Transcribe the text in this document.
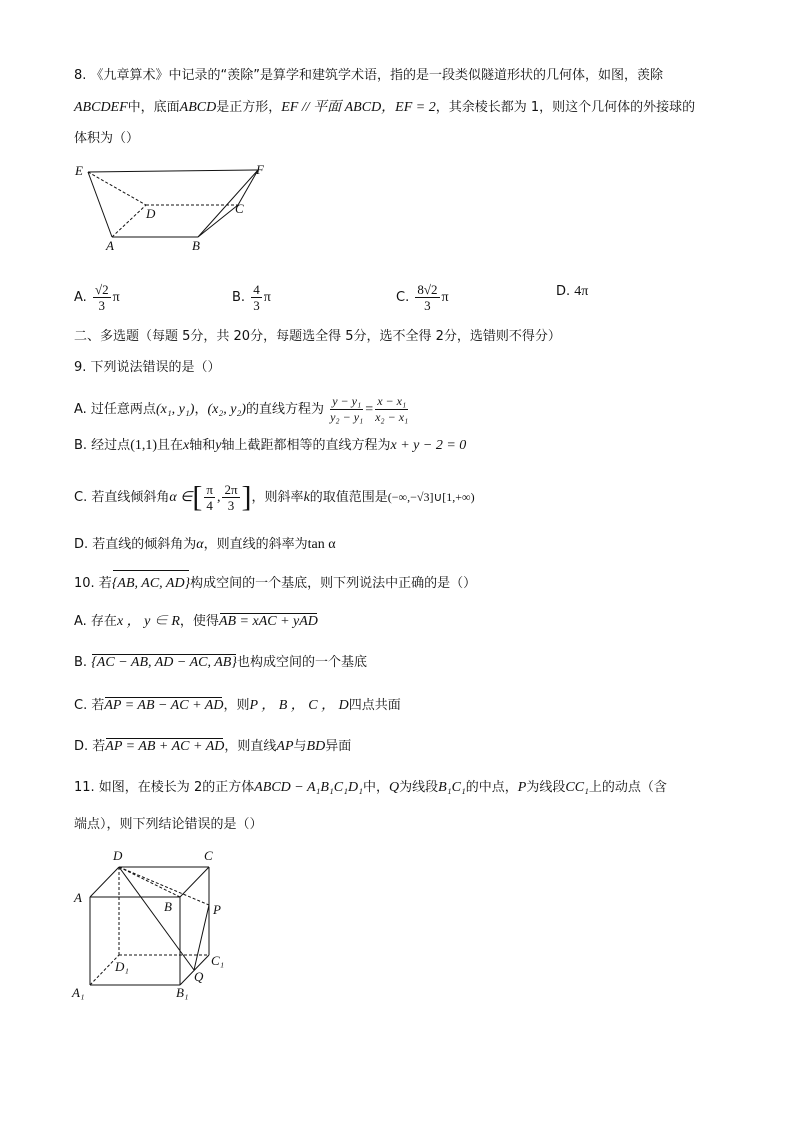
8. 《九章算术》中记录的“羡除”是算学和建筑学术语，指的是一段类似隧道形状的几何体，如图，羡除
ABCDEF中，底面ABCD是正方形，EF // 平面 ABCD，EF = 2，其余棱长都为 1，则这个几何体的外接球的
体积为（）
E	F
D	C
A	B
A. $\frac{√2}{3}$ π	B. $\frac{4}{3}$ π	C. $\frac{8√2}{3}$ π	D. 4π
二、多选题（每题 5分，共 20分，每题选全得 5分，选不全得 2分，选错则不得分）
9. 下列说法错误的是（）
A. 过任意两点(x₁, y₁)，(x₂, y₂)的直线方程为 $\frac{\text{y − y₁}}{\text{y₂ − y₁}} = \frac{\text{x − x₁}}{\text{x₂ − x₁}}$
B. 经过点(1,1)且在x轴和y轴上截距都相等的直线方程为x + y − 2 = 0
C. 若直线倾斜角α ∈[ $\frac{\pi}{4}$ , $\frac{2\pi}{3}$ ]，则斜率k的取值范围是(−∞,−√3]∪[1,+∞)
D. 若直线的倾斜角为α，则直线的斜率为tan α
10. 若{AB, AC, AD}构成空间的一个基底，则下列说法中正确的是（）
A. 存在x ， y ∈ R，使得AB = xAC + yAD
B. {AC − AB, AD − AC, AB}也构成空间的一个基底
C. 若AP = AB − AC + AD，则P ， B ， C ， D四点共面
D. 若AP = AB + AC + AD，则直线AP与BD异面
11. 如图，在棱长为 2的正方体ABCD − A₁B₁C₁D₁中，Q为线段B₁C₁的中点，P为线段CC₁上的动点（含
端点），则下列结论错误的是（）
D	C
A
B	P
C₁
D₁
Q
A₁	B₁
